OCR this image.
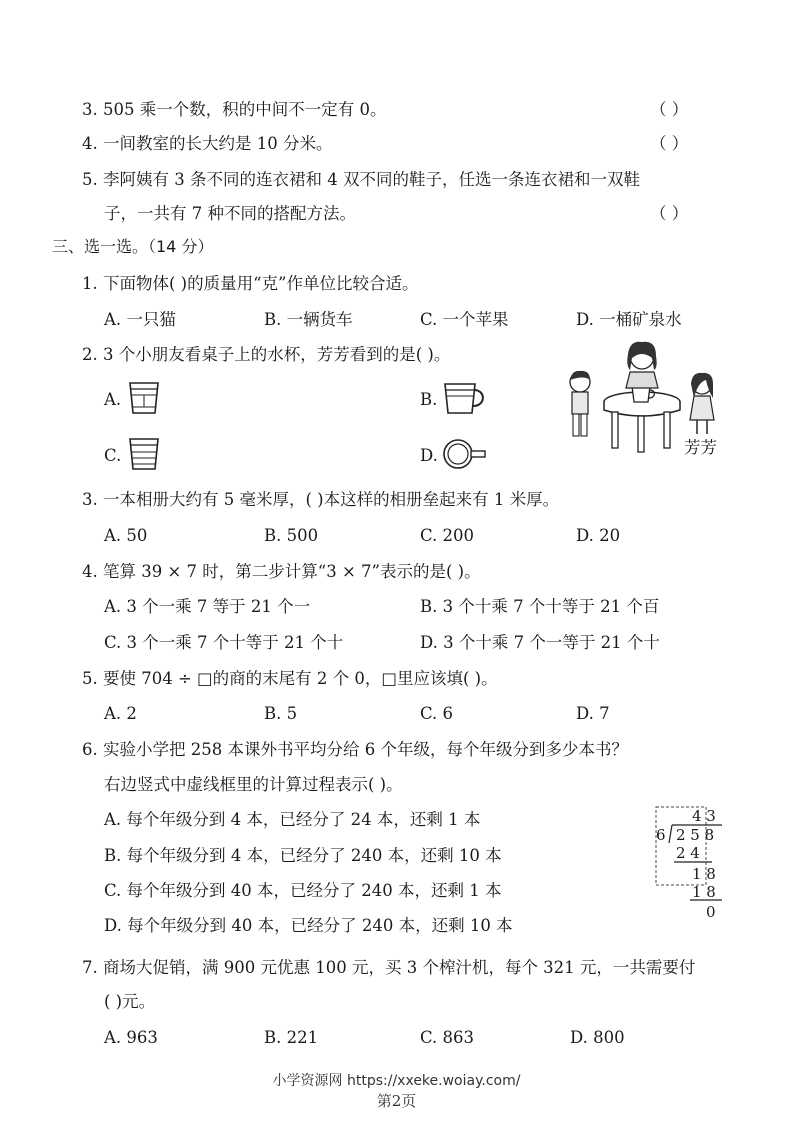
3. 505 乘一个数，积的中间不一定有 0。	（ ）
4. 一间教室的长大约是 10 分米。	（ ）
5. 李阿姨有 3 条不同的连衣裙和 4 双不同的鞋子，任选一条连衣裙和一双鞋
子，一共有 7 种不同的搭配方法。	（ ）
三、选一选。（14 分）
1. 下面物体( )的质量用“克”作单位比较合适。
A. 一只猫	B. 一辆货车	C. 一个苹果	D. 一桶矿泉水
2. 3 个小朋友看桌子上的水杯，芳芳看到的是( )。
A.	B.
C.	D.	芳芳
3. 一本相册大约有 5 毫米厚，( )本这样的相册垒起来有 1 米厚。
A. 50	B. 500	C. 200	D. 20
4. 笔算 39 × 7 时，第二步计算“3 × 7”表示的是( )。
A. 3 个一乘 7 等于 21 个一	B. 3 个十乘 7 个十等于 21 个百
C. 3 个一乘 7 个十等于 21 个十	D. 3 个十乘 7 个一等于 21 个十
5. 要使 704 ÷ □的商的末尾有 2 个 0，□里应该填( )。
A. 2	B. 5	C. 6	D. 7
6. 实验小学把 258 本课外书平均分给 6 个年级，每个年级分到多少本书？
右边竖式中虚线框里的计算过程表示( )。
A. 每个年级分到 4 本，已经分了 24 本，还剩 1 本
B. 每个年级分到 4 本，已经分了 240 本，还剩 10 本
C. 每个年级分到 40 本，已经分了 240 本，还剩 1 本
D. 每个年级分到 40 本，已经分了 240 本，还剩 10 本
4 3
6 2 5 8
2 4
1 8
1 8
0
7. 商场大促销，满 900 元优惠 100 元，买 3 个榨汁机，每个 321 元，一共需要付
( )元。
A. 963	B. 221	C. 863	D. 800
小学资源网 https://xxeke.woiay.com/
第2页
